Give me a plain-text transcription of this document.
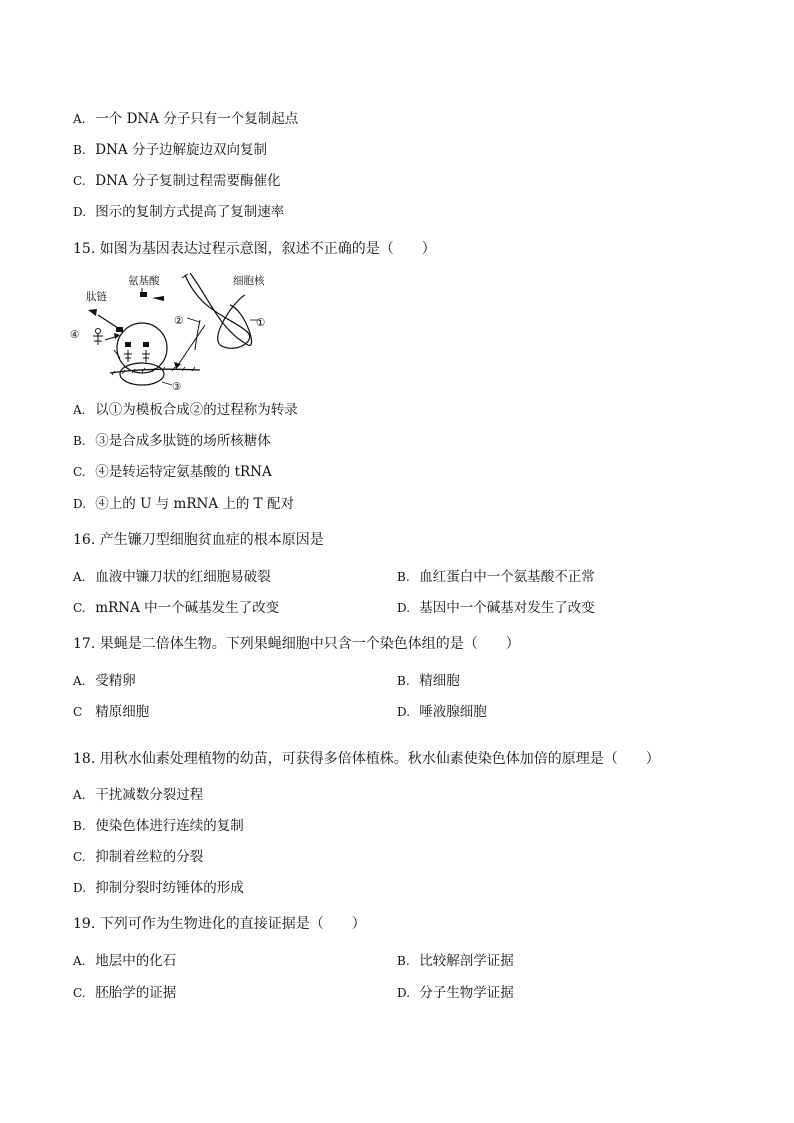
A. 一个 DNA 分子只有一个复制起点
B. DNA 分子边解旋边双向复制
C. DNA 分子复制过程需要酶催化
D. 图示的复制方式提高了复制速率
15. 如图为基因表达过程示意图，叙述不正确的是（　　）
氨基酸	细胞核
肽链
②	①
④
③
A. 以①为模板合成②的过程称为转录
B. ③是合成多肽链的场所核糖体
C. ④是转运特定氨基酸的 tRNA
D. ④上的 U 与 mRNA 上的 T 配对
16. 产生镰刀型细胞贫血症的根本原因是
A. 血液中镰刀状的红细胞易破裂	B. 血红蛋白中一个氨基酸不正常
C. mRNA 中一个碱基发生了改变	D. 基因中一个碱基对发生了改变
17. 果蝇是二倍体生物。下列果蝇细胞中只含一个染色体组的是（　　）
A. 受精卵	B. 精细胞
C 精原细胞	D. 唾液腺细胞
18. 用秋水仙素处理植物的幼苗，可获得多倍体植株。秋水仙素使染色体加倍的原理是（　　）
A. 干扰减数分裂过程
B. 使染色体进行连续的复制
C. 抑制着丝粒的分裂
D. 抑制分裂时纺锤体的形成
19. 下列可作为生物进化的直接证据是（　　）
A. 地层中的化石	B. 比较解剖学证据
C. 胚胎学的证据	D. 分子生物学证据
